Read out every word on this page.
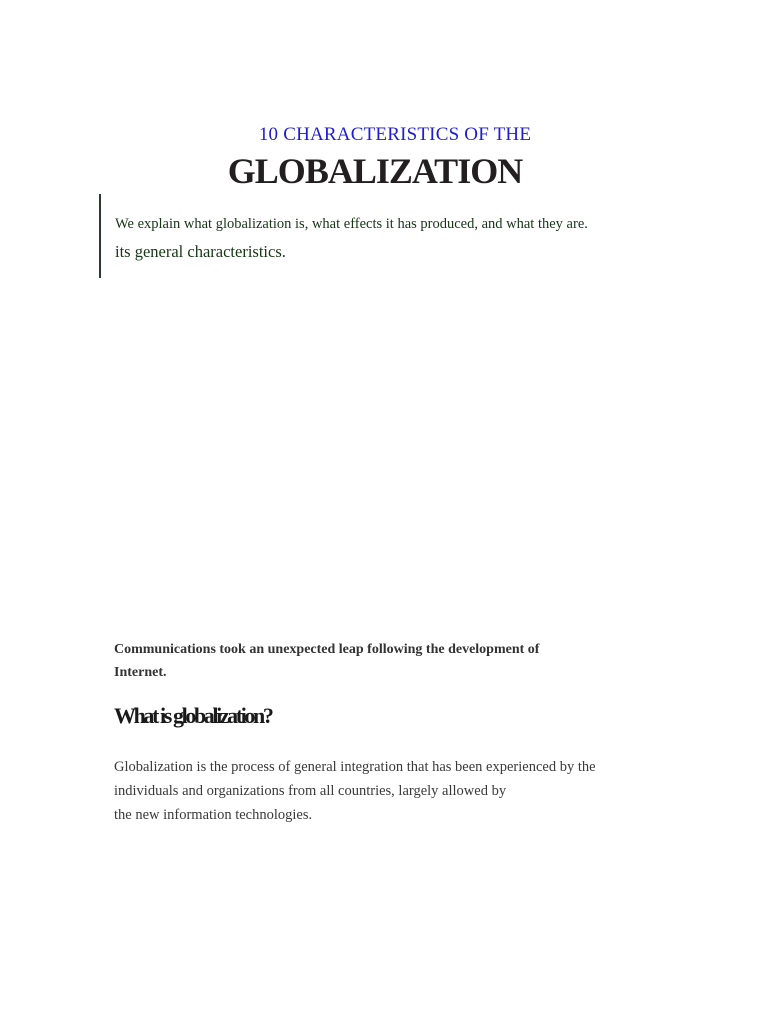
10 CHARACTERISTICS OF THE
GLOBALIZATION
We explain what globalization is, what effects it has produced, and what they are.
its general characteristics.
Communications took an unexpected leap following the development of Internet.
What is globalization?
Globalization is the process of general integration that has been experienced by the
individuals and organizations from all countries, largely allowed by
the new information technologies.
